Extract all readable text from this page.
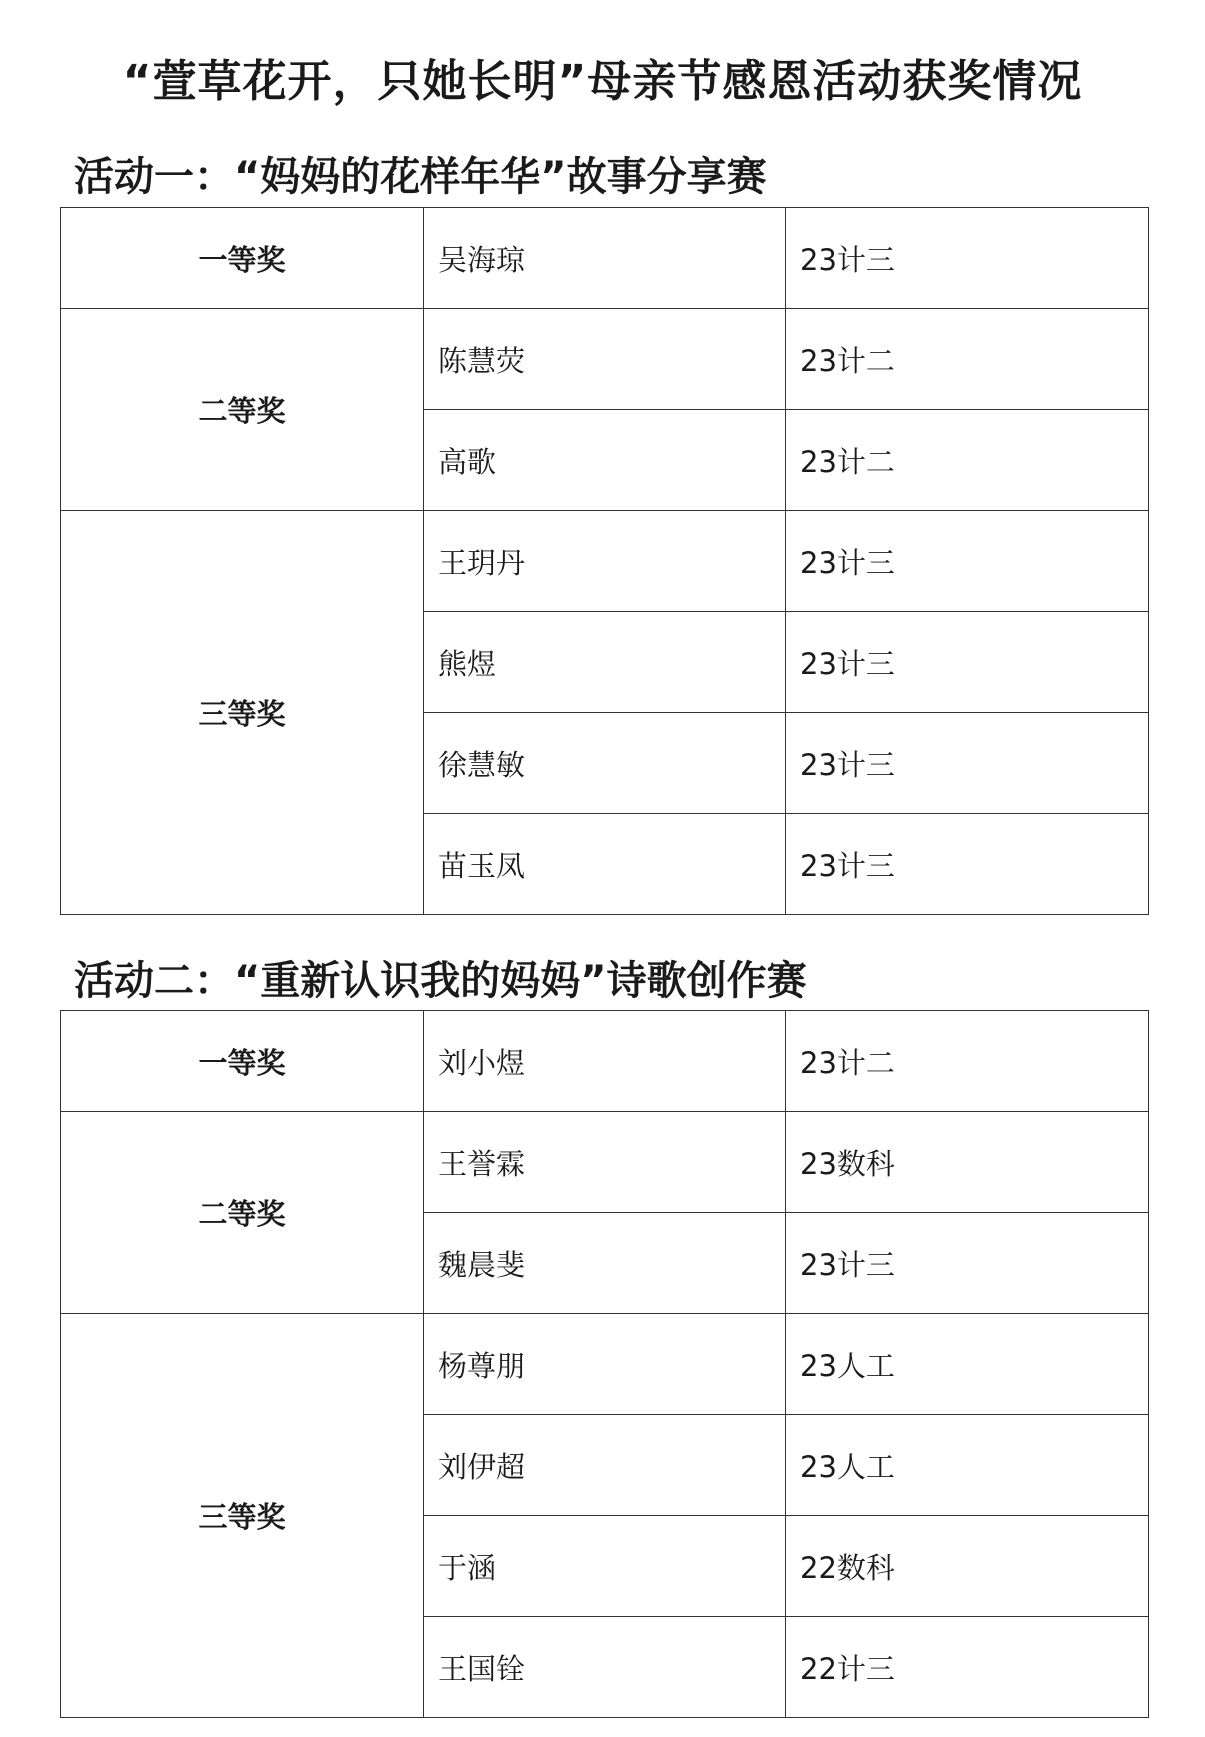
“萱草花开，只她长明”母亲节感恩活动获奖情况
活动一：“妈妈的花样年华”故事分享赛
一等奖	吴海琼	23计三
二等奖	陈慧荧	23计二
	高歌	23计二
三等奖	王玥丹	23计三
	熊煜	23计三
	徐慧敏	23计三
	苗玉凤	23计三
活动二：“重新认识我的妈妈”诗歌创作赛
一等奖	刘小煜	23计二
二等奖	王誉霖	23数科
	魏晨斐	23计三
三等奖	杨尊朋	23人工
	刘伊超	23人工
	于涵	22数科
	王国铨	22计三
